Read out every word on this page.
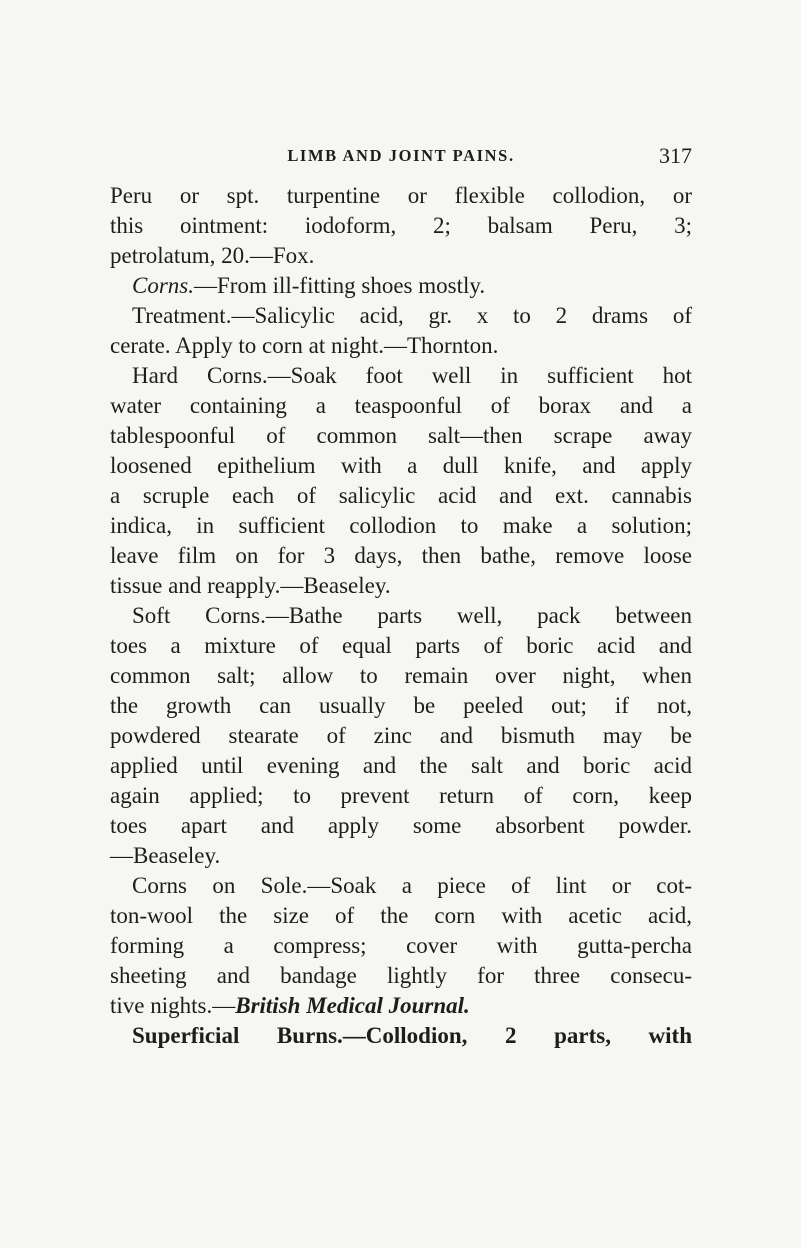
LIMB AND JOINT PAINS.	317
Peru or spt. turpentine or flexible collodion, or
this ointment: iodoform, 2; balsam Peru, 3;
petrolatum, 20.—Fox.
Corns.—From ill-fitting shoes mostly.
Treatment.—Salicylic acid, gr. x to 2 drams of
cerate. Apply to corn at night.—Thornton.
Hard Corns.—Soak foot well in sufficient hot
water containing a teaspoonful of borax and a
tablespoonful of common salt—then scrape away
loosened epithelium with a dull knife, and apply
a scruple each of salicylic acid and ext. cannabis
indica, in sufficient collodion to make a solution;
leave film on for 3 days, then bathe, remove loose
tissue and reapply.—Beaseley.
Soft Corns.—Bathe parts well, pack between
toes a mixture of equal parts of boric acid and
common salt; allow to remain over night, when
the growth can usually be peeled out; if not,
powdered stearate of zinc and bismuth may be
applied until evening and the salt and boric acid
again applied; to prevent return of corn, keep
toes apart and apply some absorbent powder.
—Beaseley.
Corns on Sole.—Soak a piece of lint or cot-
ton-wool the size of the corn with acetic acid,
forming a compress; cover with gutta-percha
sheeting and bandage lightly for three consecu-
tive nights.—British Medical Journal.
Superficial Burns.—Collodion, 2 parts, with
